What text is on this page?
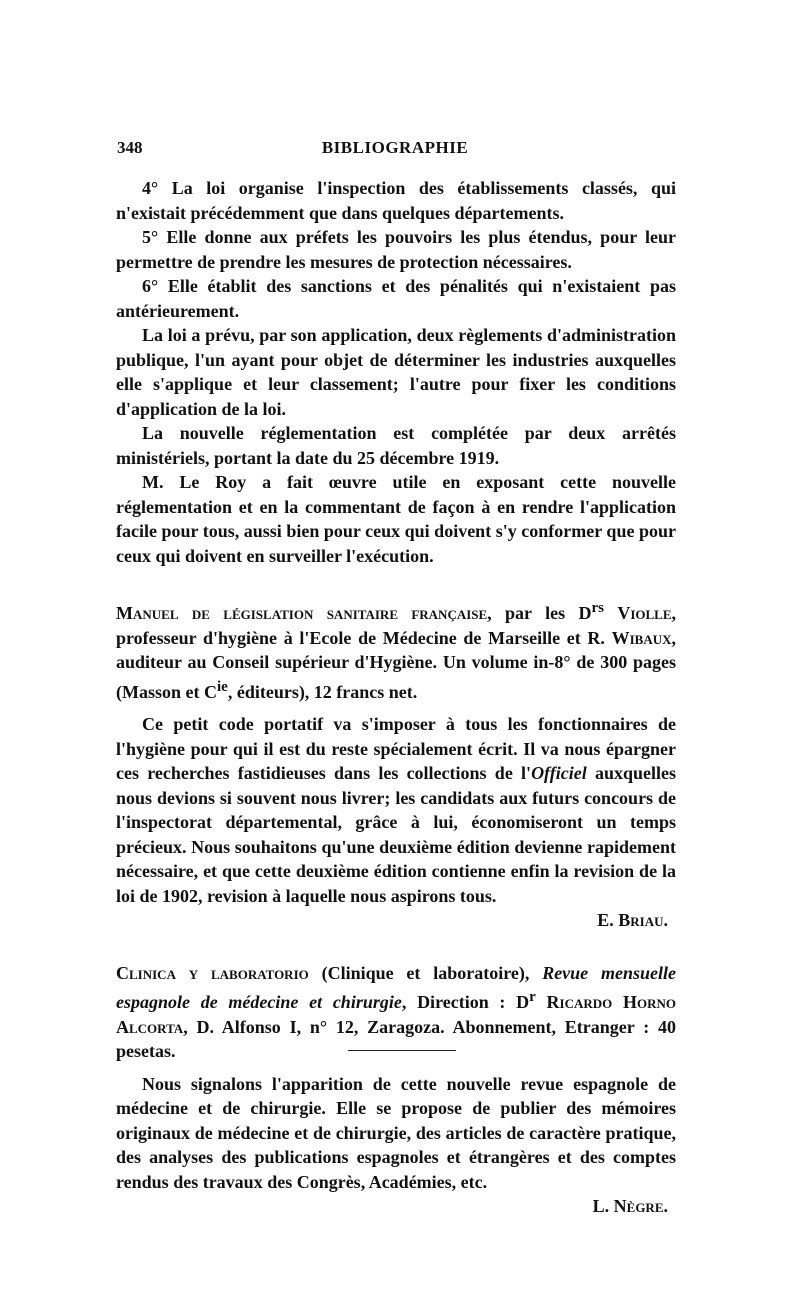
348	BIBLIOGRAPHIE

4° La loi organise l'inspection des établissements classés, qui n'existait précédemment que dans quelques départements.

5° Elle donne aux préfets les pouvoirs les plus étendus, pour leur permettre de prendre les mesures de protection nécessaires.

6° Elle établit des sanctions et des pénalités qui n'existaient pas antérieurement.

La loi a prévu, par son application, deux règlements d'administration publique, l'un ayant pour objet de déterminer les industries auxquelles elle s'applique et leur classement; l'autre pour fixer les conditions d'application de la loi.

La nouvelle réglementation est complétée par deux arrêtés ministériels, portant la date du 25 décembre 1919.

M. Le Roy a fait œuvre utile en exposant cette nouvelle réglementation et en la commentant de façon à en rendre l'application facile pour tous, aussi bien pour ceux qui doivent s'y conformer que pour ceux qui doivent en surveiller l'exécution.

Manuel de législation sanitaire française, par les $D^{rs}$ Violle, professeur d'hygiène à l'Ecole de Médecine de Marseille et R. Wibaux, auditeur au Conseil supérieur d'Hygiène. Un volume in-8° de 300 pages (Masson et $C^{ie}$, éditeurs), 12 francs net.

Ce petit code portatif va s'imposer à tous les fonctionnaires de l'hygiène pour qui il est du reste spécialement écrit. Il va nous épargner ces recherches fastidieuses dans les collections de l'Officiel auxquelles nous devions si souvent nous livrer; les candidats aux futurs concours de l'inspectorat départemental, grâce à lui, économiseront un temps précieux. Nous souhaitons qu'une deuxième édition devienne rapidement nécessaire, et que cette deuxième édition contienne enfin la revision de la loi de 1902, revision à laquelle nous aspirons tous.

E. Briau.

Clinica y laboratorio (Clinique et laboratoire), Revue mensuelle espagnole de médecine et chirurgie, Direction : $D^r$ Ricardo Horno Alcorta, D. Alfonso I, n° 12, Zaragoza. Abonnement, Etranger : 40 pesetas.

Nous signalons l'apparition de cette nouvelle revue espagnole de médecine et de chirurgie. Elle se propose de publier des mémoires originaux de médecine et de chirurgie, des articles de caractère pratique, des analyses des publications espagnoles et étrangères et des comptes rendus des travaux des Congrès, Académies, etc.

L. Nègre.
